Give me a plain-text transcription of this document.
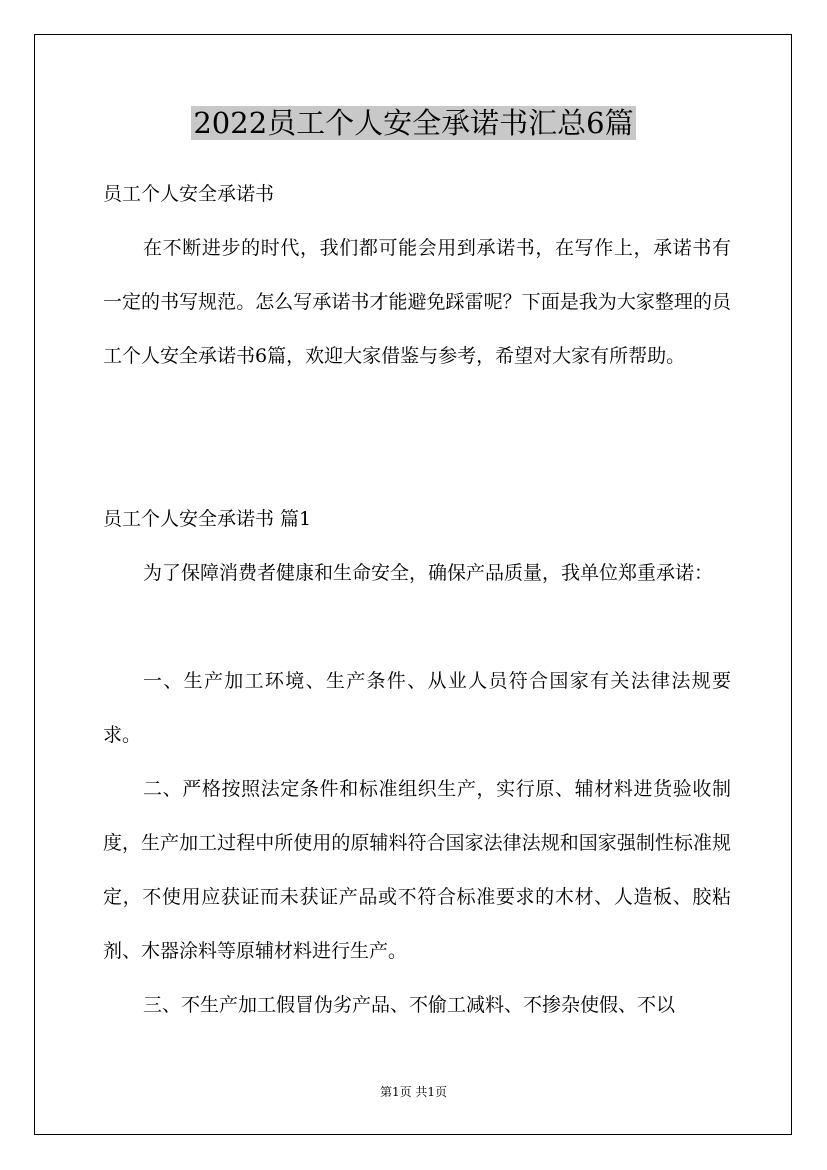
2022员工个人安全承诺书汇总6篇
员工个人安全承诺书
在不断进步的时代，我们都可能会用到承诺书，在写作上，承诺书有一定的书写规范。怎么写承诺书才能避免踩雷呢？下面是我为大家整理的员工个人安全承诺书6篇，欢迎大家借鉴与参考，希望对大家有所帮助。
员工个人安全承诺书 篇1
为了保障消费者健康和生命安全，确保产品质量，我单位郑重承诺：
一、生产加工环境、生产条件、从业人员符合国家有关法律法规要求。
二、严格按照法定条件和标准组织生产，实行原、辅材料进货验收制度，生产加工过程中所使用的原辅料符合国家法律法规和国家强制性标准规定，不使用应获证而未获证产品或不符合标准要求的木材、人造板、胶粘剂、木器涂料等原辅材料进行生产。
三、不生产加工假冒伪劣产品、不偷工减料、不掺杂使假、不以
第1页 共1页
